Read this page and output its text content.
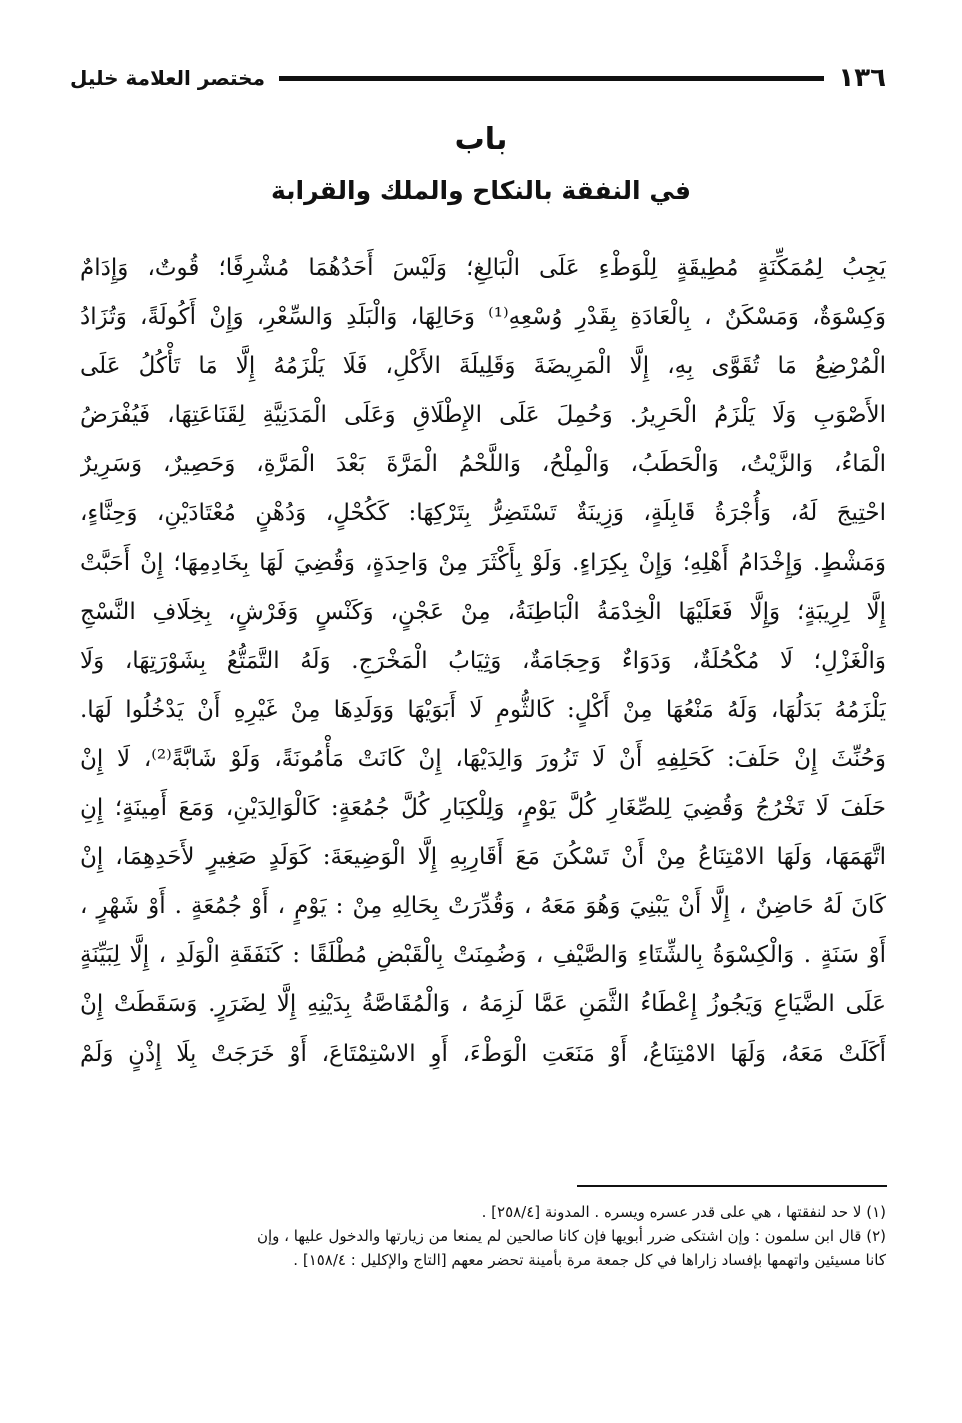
مختصر العلامة خليل	١٣٦
باب
في النفقة بالنكاح والملك والقرابة
يَجِبُ لِمُمَكِّنَةٍ مُطِيقَةٍ لِلْوَطْءِ عَلَى الْبَالِغِ؛ وَلَيْسَ أَحَدُهُمَا مُشْرِفًا؛ قُوتٌ، وَإِدَامٌ
وَكِسْوَةٌ، وَمَسْكَنٌ ، بِالْعَادَةِ بِقَدْرِ وُسْعِهِ⁽¹⁾ وَحَالِهَا، وَالْبَلَدِ وَالسِّعْرِ، وَإِنْ أَكُولَةً، وَتُزَادُ
الْمُرْضِعُ مَا تُقَوَّى بِهِ، إِلَّا الْمَرِيضَةَ وَقَلِيلَةَ الأَكْلِ، فَلَا يَلْزَمُهُ إِلَّا مَا تَأْكُلُ عَلَى
الأَصْوَبِ وَلَا يَلْزَمُ الْحَرِيرُ. وَحُمِلَ عَلَى الإِطْلَاقِ وَعَلَى الْمَدَنِيَّةِ لِقَنَاعَتِهَا، فَيُفْرَضُ
الْمَاءُ، وَالزَّيْتُ، وَالْحَطَبُ، وَالْمِلْحُ، وَاللَّحْمُ الْمَرَّةَ بَعْدَ الْمَرَّةِ، وَحَصِيرٌ، وَسَرِيرٌ
احْتِيجَ لَهُ، وَأُجْرَةُ قَابِلَةٍ، وَزِينَةٌ تَسْتَضِرُّ بِتَرْكِهَا: كَكُحْلٍ، وَدُهْنٍ مُعْتَادَيْنِ، وَحِنَّاءٍ،
وَمَشْطٍ. وَإِخْدَامُ أَهْلِهِ؛ وَإِنْ بِكِرَاءٍ. وَلَوْ بِأَكْثَرَ مِنْ وَاحِدَةٍ، وَقُضِيَ لَهَا بِخَادِمِهَا؛ إِنْ أَحَبَّتْ
إِلَّا لِرِيبَةٍ؛ وَإِلَّا فَعَلَيْهَا الْخِدْمَةُ الْبَاطِنَةُ، مِنْ عَجْنٍ، وَكَنْسٍ وَفَرْشٍ، بِخِلَافِ النَّسْجِ
وَالْغَزْلِ؛ لَا مُكْحُلَةٌ، وَدَوَاءٌ وَحِجَامَةٌ، وَثِيَابُ الْمَخْرَجِ. وَلَهُ التَّمَتُّعُ بِشَوْرَتِهَا، وَلَا
يَلْزَمُهُ بَدَلُهَا، وَلَهُ مَنْعُهَا مِنْ أَكْلٍ: كَالثُّومِ لَا أَبَوَيْهَا وَوَلَدِهَا مِنْ غَيْرِهِ أَنْ يَدْخُلُوا لَهَا.
وَحُنِّثَ إِنْ حَلَفَ: كَحَلِفِهِ أَنْ لَا تَزُورَ وَالِدَيْهَا، إِنْ كَانَتْ مَأْمُونَةً، وَلَوْ شَابَّةً⁽²⁾، لَا إِنْ
حَلَفَ لَا تَخْرُجُ وَقُضِيَ لِلصِّغَارِ كُلَّ يَوْمٍ، وَلِلْكِبَارِ كُلَّ جُمُعَةٍ: كَالْوَالِدَيْنِ، وَمَعَ أَمِينَةٍ؛ إِنِ
اتَّهَمَهَا، وَلَهَا الامْتِنَاعُ مِنْ أَنْ تَسْكُنَ مَعَ أَقَارِبِهِ إِلَّا الْوَضِيعَةَ: كَوَلَدٍ صَغِيرٍ لأَحَدِهِمَا، إِنْ
كَانَ لَهُ حَاضِنٌ ، إِلَّا أَنْ يَبْنِيَ وَهُوَ مَعَهُ ، وَقُدِّرَتْ بِحَالِهِ مِنْ : يَوْمٍ ، أَوْ جُمُعَةٍ . أَوْ شَهْرٍ ،
أَوْ سَنَةٍ . وَالْكِسْوَةُ بِالشِّتَاءِ وَالصَّيْفِ ، وَضُمِنَتْ بِالْقَبْضِ مُطْلَقًا : كَنَفَقَةِ الْوَلَدِ ، إِلَّا لِبَيِّنَةٍ
عَلَى الضَّيَاعِ وَيَجُوزُ إِعْطَاءُ الثَّمَنِ عَمَّا لَزِمَهُ ، وَالْمُقَاصَّةُ بِدَيْنِهِ إِلَّا لِضَرَرٍ. وَسَقَطَتْ إِنْ
أَكَلَتْ مَعَهُ، وَلَهَا الامْتِنَاعُ، أَوْ مَنَعَتِ الْوَطْءَ، أَوِ الاسْتِمْتَاعَ، أَوْ خَرَجَتْ بِلَا إِذْنٍ وَلَمْ
(١) لا حد لنفقتها ، هي على قدر عسره ويسره . المدونة [٢٥٨/٤] .
(٢) قال ابن سلمون : وإن اشتكى ضرر أبويها فإن كانا صالحين لم يمنعا من زيارتها والدخول عليها ، وإن
كانا مسيئين واتهمها بإفساد زاراها في كل جمعة مرة بأمينة تحضر معهم [التاج والإكليل : ١٥٨/٤] .
